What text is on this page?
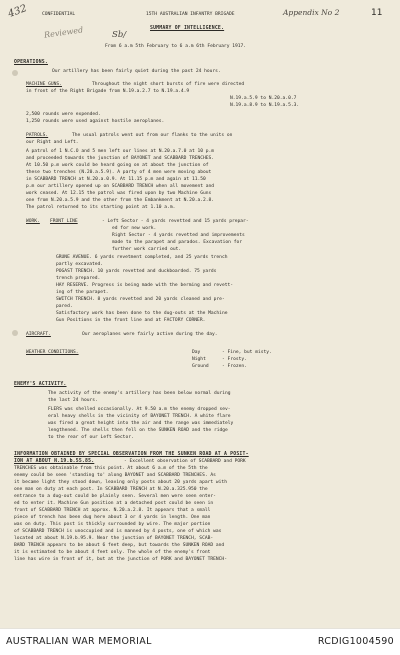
432	CONFIDENTIAL	15TH AUSTRALIAN INFANTRY BRIGADE	Appendix No 2	11
Reviewed	Sb/
SUMMARY OF INTELLIGENCE.
From 6 a.m 5th February to 6 a.m 6th February 1917.
OPERATIONS.
Our artillery has been fairly quiet during the past 24 hours.
MACHINE GUNS.	Throughout the night short bursts of fire were directed
in front of the Right Brigade from N.19.a.2.7 to N.19.a.4.9
N.19.a.5.9 to N.20.a.0.7
N.19.a.8.9 to N.19.a.5.3.
2,500 rounds were expended.
1,250 rounds were used against hostile aeroplanes.
PATROLS.	The usual patrols went out from our flanks to the units on
our Right and Left.
A patrol of 1 N.C.O and 5 men left our lines at N.20.a.7.0 at 10 p.m
and proceeded towards the junction of BAYONET and SCABBARD TRENCHES.
At 10.50 p.m work could be heard going on at about the junction of
these two trenches (N.20.a.5.9). A party of 4 men were moving about
in SCABBARD TRENCH at N.20.a.0.9. At 11.15 p.m and again at 11.50
p.m our artillery opened up on SCABBARD TRENCH when all movement and
work ceased. At 12.15 the patrol was fired upon by two Machine Guns
one from N.20.a.5.9 and the other from the Embankment at N.20.a.2.8.
The patrol returned to its starting point at 1.10 a.m.
WORK. FRONT LINE	- Left Sector - 4 yards revetted and 15 yards prepar-
ed for new work.
Right Sector - 4 yards revetted and improvements
made to the parapet and parados. Excavation for
further work carried out.
GRUNE AVENUE. 6 yards revetment completed, and 25 yards trench
partly excavated.
POGAST TRENCH. 10 yards revetted and duckboarded. 75 yards
trench prepared.
HAY RESERVE. Progress is being made with the berming and revett-
ing of the parapet.
SWITCH TRENCH. 8 yards revetted and 20 yards cleaned and pre-
pared.
Satisfactory work has been done to the dug-outs at the Machine
Gun Positions in the front line and at FACTORY CORNER.
AIRCRAFT.	Our aeroplanes were fairly active during the day.
WEATHER CONDITIONS.	Day	- Fine, but misty.
Night	- Frosty.
Ground	- Frozen.
ENEMY'S ACTIVITY.
The activity of the enemy's artillery has been below normal during
the last 24 hours.
FLERS was shelled occasionally. At 9.50 a.m the enemy dropped sev-
eral heavy shells in the vicinity of BAYONET TRENCH. A white flare
was fired a great height into the air and the range was immediately
lengthened. The shells then fell on the SUNKEN ROAD and the ridge
to the rear of our Left Sector.
INFORMATION OBTAINED BY SPECIAL OBSERVATION FROM THE SUNKEN ROAD AT A POSIT-
ION AT ABOUT N.19.b.55.85.	- Excellent observation of SCABBARD and PORK
TRENCHES was obtainable from this point. At about 6 a.m of the 5th the
enemy could be seen 'standing to' along BAYONET and SCABBARD TRENCHES. As
it became light they stood down, leaving only posts about 20 yards apart with
one man on duty at each post. In SCABBARD TRENCH at N.20.a.325.950 the
entrance to a dug-out could be plainly seen. Several men were seen enter-
ed to enter it. Machine Gun position at a detached post could be seen in
front of SCABBARD TRENCH at approx. N.20.a.2.8. It appears that a small
piece of trench has been dug here about 3 or 4 yards in length. One man
was on duty. This post is thickly surrounded by wire. The major portion
of SCABBARD TRENCH is unoccupied and is manned by 4 posts, one of which was
located at about N.19.b.95.9. Near the junction of BAYONET TRENCH, SCAB-
BARD TRENCH appears to be about 6 feet deep, but towards the SUNKEN ROAD and
it is estimated to be about 4 feet only. The whole of the enemy's front
line has wire in front of it, but at the junction of PORK and BAYONET TRENCH-
AUSTRALIAN WAR MEMORIAL	RCDIG1004590
